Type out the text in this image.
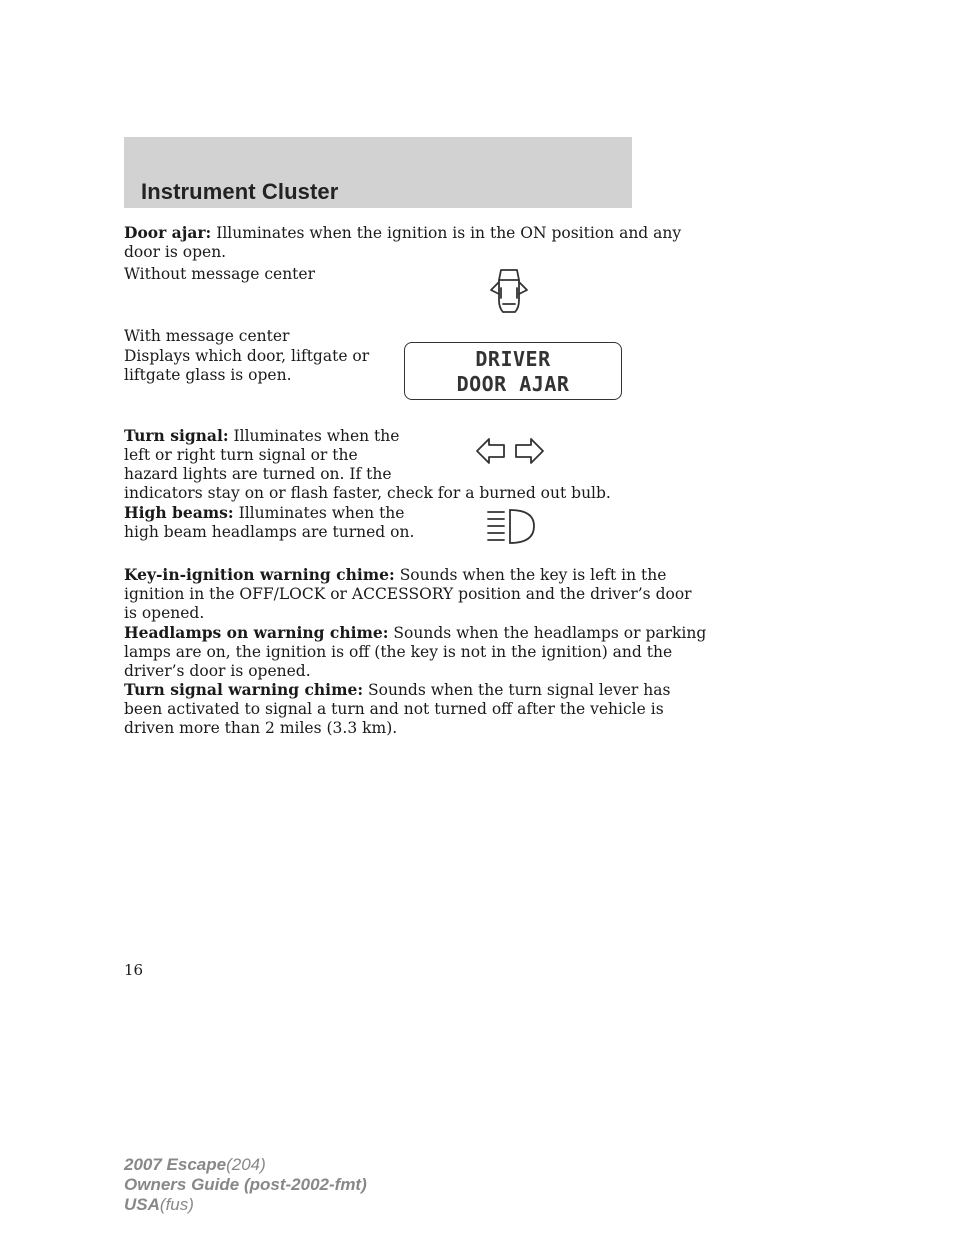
Instrument Cluster

Door ajar: Illuminates when the ignition is in the ON position and any
door is open.

Without message center

With message center

Displays which door, liftgate or
liftgate glass is open.

DRIVER
DOOR AJAR

Turn signal: Illuminates when the
left or right turn signal or the
hazard lights are turned on. If the
indicators stay on or flash faster, check for a burned out bulb.

High beams: Illuminates when the
high beam headlamps are turned on.

Key-in-ignition warning chime: Sounds when the key is left in the
ignition in the OFF/LOCK or ACCESSORY position and the driver’s door
is opened.

Headlamps on warning chime: Sounds when the headlamps or parking
lamps are on, the ignition is off (the key is not in the ignition) and the
driver’s door is opened.

Turn signal warning chime: Sounds when the turn signal lever has
been activated to signal a turn and not turned off after the vehicle is
driven more than 2 miles (3.3 km).

16
2007 Escape(204)
Owners Guide (post-2002-fmt)
USA(fus)
